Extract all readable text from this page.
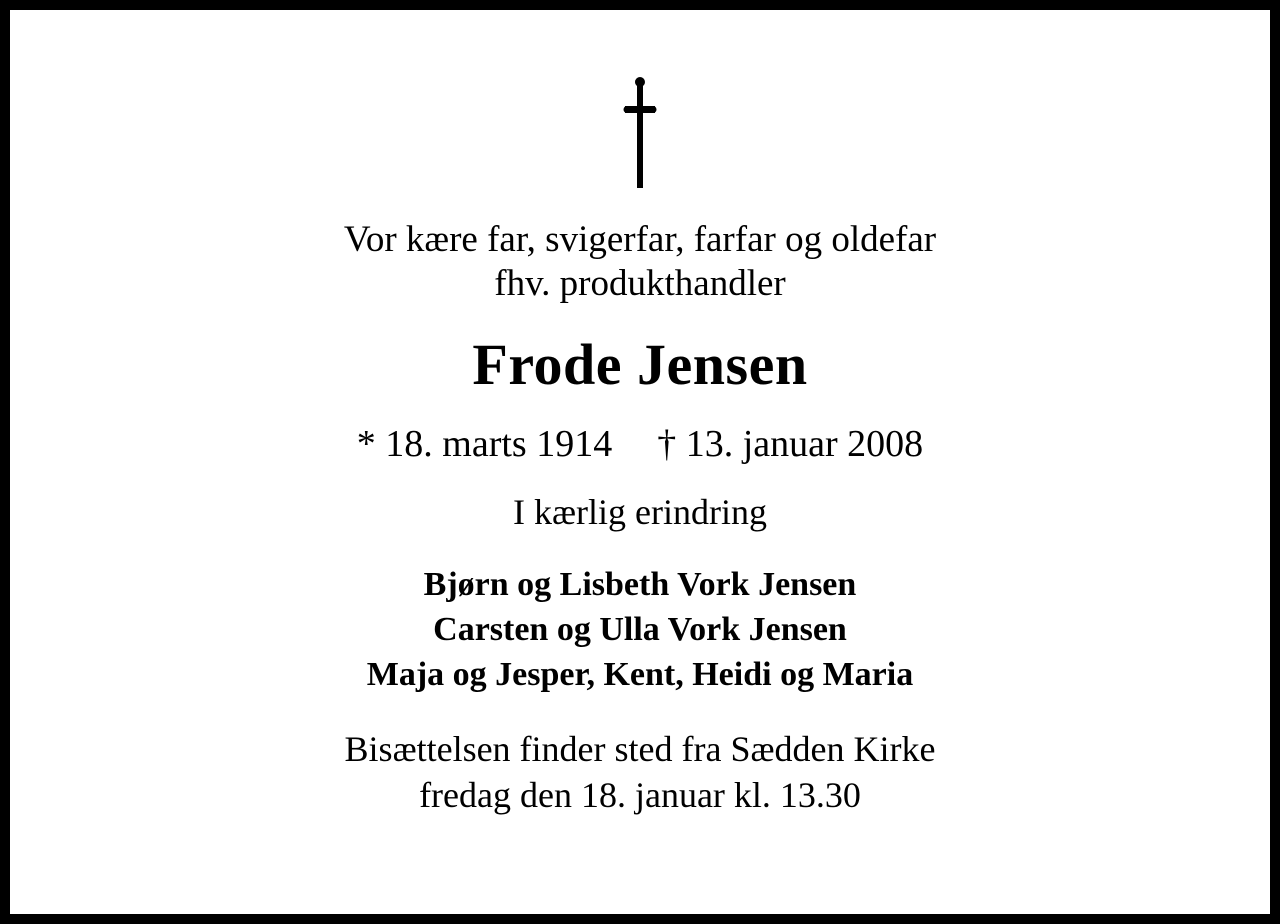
Vor kære far, svigerfar, farfar og oldefar
fhv. produkthandler
Frode Jensen
* 18. marts 1914 † 13. januar 2008
I kærlig erindring
Bjørn og Lisbeth Vork Jensen
Carsten og Ulla Vork Jensen
Maja og Jesper, Kent, Heidi og Maria
Bisættelsen finder sted fra Sædden Kirke
fredag den 18. januar kl. 13.30
